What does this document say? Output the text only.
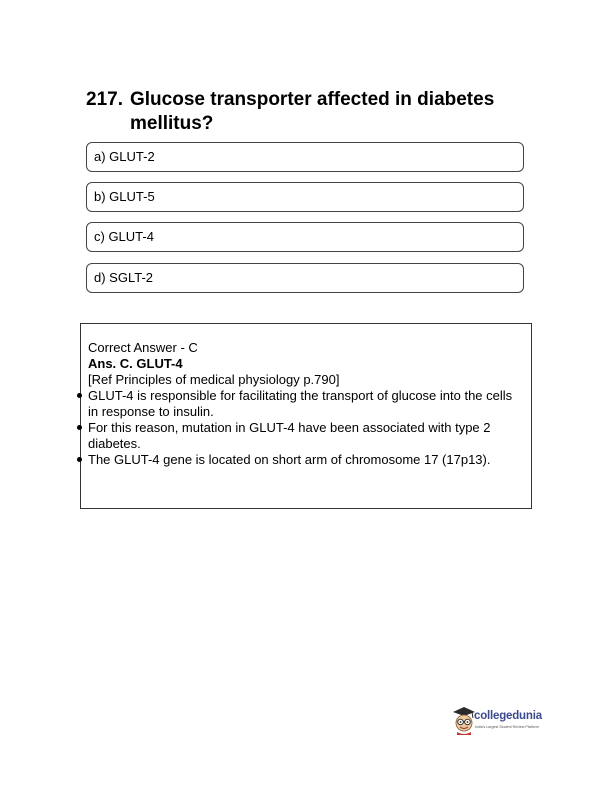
217. Glucose transporter affected in diabetes mellitus?
a) GLUT-2
b) GLUT-5
c) GLUT-4
d) SGLT-2

Correct Answer - C

Ans. C. GLUT-4

[Ref Principles of medical physiology p.790]

GLUT-4 is responsible for facilitating the transport of glucose into the cells in response to insulin.
For this reason, mutation in GLUT-4 have been associated with type 2 diabetes.
The GLUT-4 gene is located on short arm of chromosome 17 (17p13).
collegedunia
India's Largest Student Review Platform
